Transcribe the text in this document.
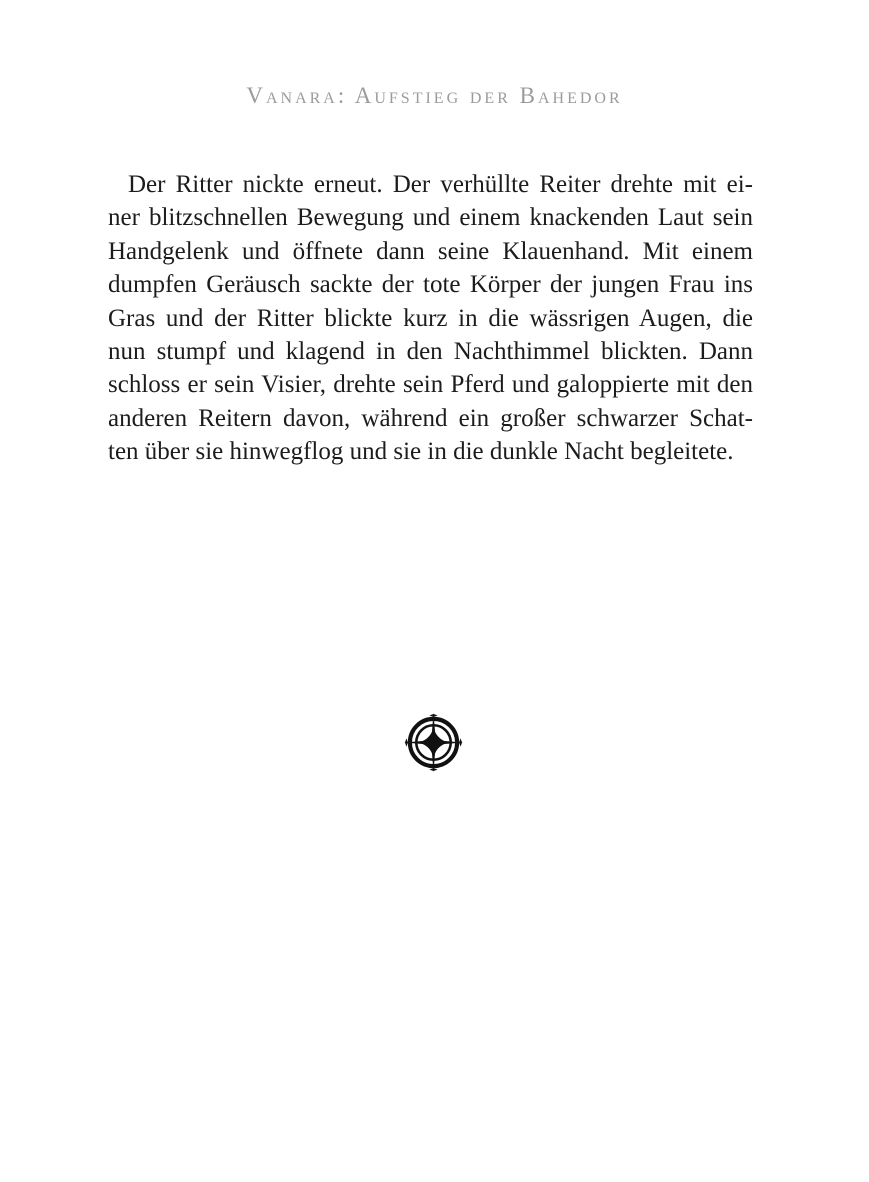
Vanara: Aufstieg der Bahedor
Der Ritter nickte erneut. Der verhüllte Reiter drehte mit ei-
ner blitzschnellen Bewegung und einem knackenden Laut sein
Handgelenk und öffnete dann seine Klauenhand. Mit einem
dumpfen Geräusch sackte der tote Körper der jungen Frau ins
Gras und der Ritter blickte kurz in die wässrigen Augen, die
nun stumpf und klagend in den Nachthimmel blickten. Dann
schloss er sein Visier, drehte sein Pferd und galoppierte mit den
anderen Reitern davon, während ein großer schwarzer Schat-
ten über sie hinwegflog und sie in die dunkle Nacht begleitete.
